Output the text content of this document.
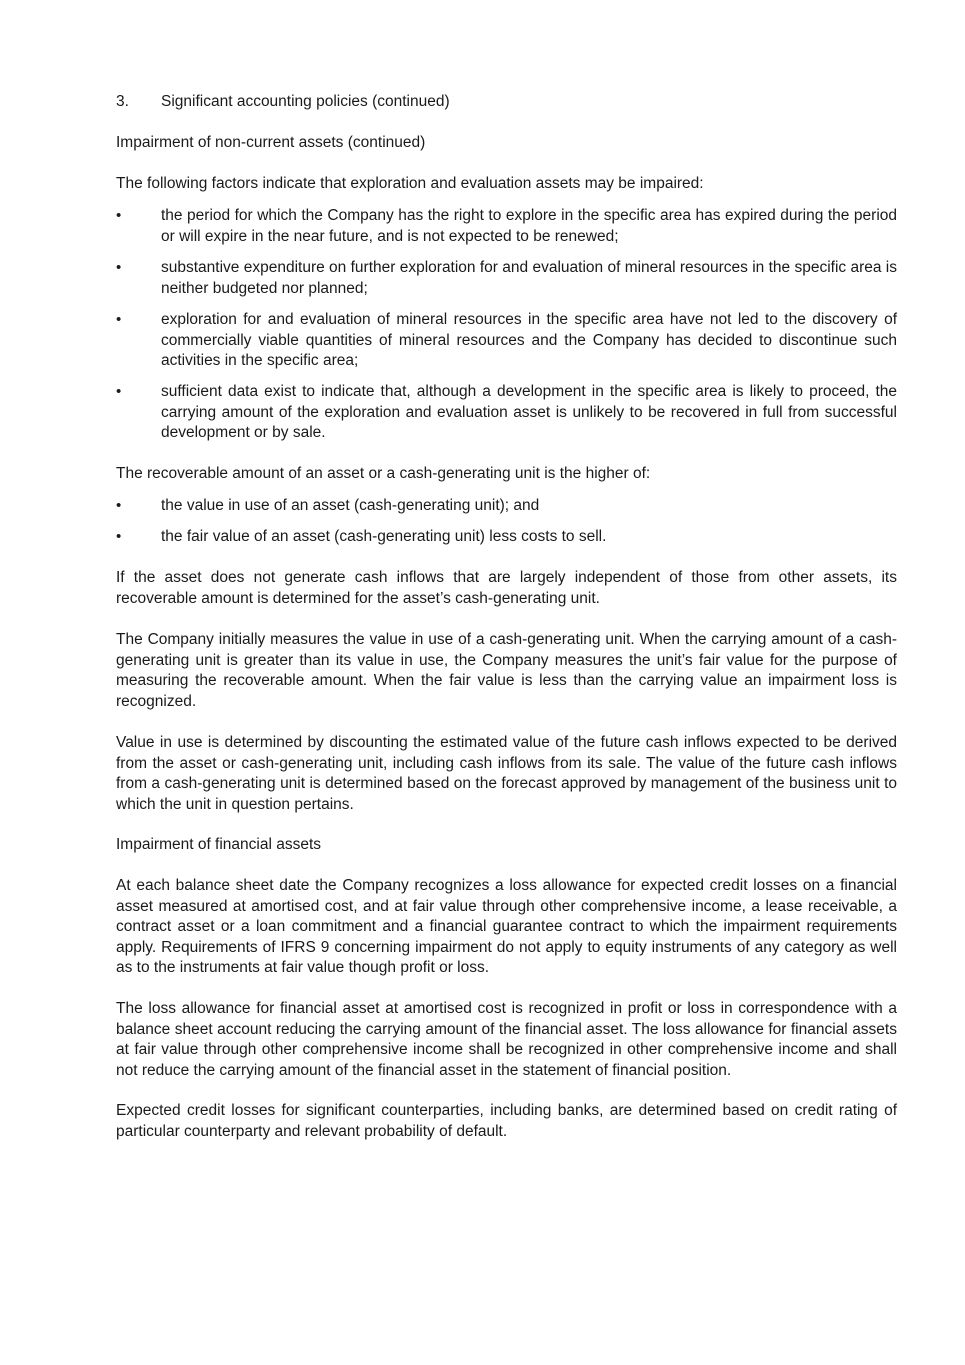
3. Significant accounting policies (continued)
Impairment of non-current assets (continued)
The following factors indicate that exploration and evaluation assets may be impaired:
•	the period for which the Company has the right to explore in the specific area has expired during the period or will expire in the near future, and is not expected to be renewed;
•	substantive expenditure on further exploration for and evaluation of mineral resources in the specific area is neither budgeted nor planned;
•	exploration for and evaluation of mineral resources in the specific area have not led to the discovery of commercially viable quantities of mineral resources and the Company has decided to discontinue such activities in the specific area;
•	sufficient data exist to indicate that, although a development in the specific area is likely to proceed, the carrying amount of the exploration and evaluation asset is unlikely to be recovered in full from successful development or by sale.
The recoverable amount of an asset or a cash-generating unit is the higher of:
•	the value in use of an asset (cash-generating unit); and
•	the fair value of an asset (cash-generating unit) less costs to sell.
If the asset does not generate cash inflows that are largely independent of those from other assets, its recoverable amount is determined for the asset’s cash-generating unit.
The Company initially measures the value in use of a cash-generating unit. When the carrying amount of a cash-generating unit is greater than its value in use, the Company measures the unit’s fair value for the purpose of measuring the recoverable amount. When the fair value is less than the carrying value an impairment loss is recognized.
Value in use is determined by discounting the estimated value of the future cash inflows expected to be derived from the asset or cash-generating unit, including cash inflows from its sale. The value of the future cash inflows from a cash-generating unit is determined based on the forecast approved by management of the business unit to which the unit in question pertains.
Impairment of financial assets
At each balance sheet date the Company recognizes a loss allowance for expected credit losses on a financial asset measured at amortised cost, and at fair value through other comprehensive income, a lease receivable, a contract asset or a loan commitment and a financial guarantee contract to which the impairment requirements apply. Requirements of IFRS 9 concerning impairment do not apply to equity instruments of any category as well as to the instruments at fair value though profit or loss.
The loss allowance for financial asset at amortised cost is recognized in profit or loss in correspondence with a balance sheet account reducing the carrying amount of the financial asset. The loss allowance for financial assets at fair value through other comprehensive income shall be recognized in other comprehensive income and shall not reduce the carrying amount of the financial asset in the statement of financial position.
Expected credit losses for significant counterparties, including banks, are determined based on credit rating of particular counterparty and relevant probability of default.
